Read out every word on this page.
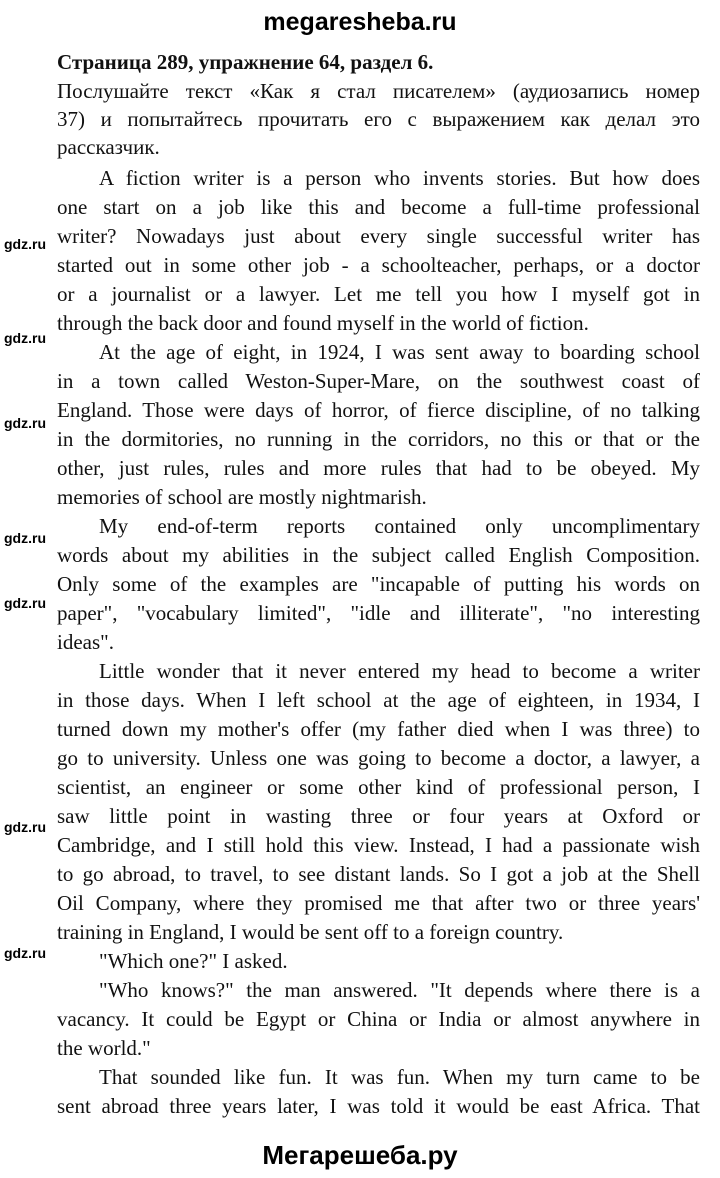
megaresheba.ru
Страница 289, упражнение 64, раздел 6.
Послушайте текст «Как я стал писателем» (аудиозапись номер
37) и попытайтесь прочитать его с выражением как делал это
рассказчик.
A fiction writer is a person who invents stories. But how does
one start on a job like this and become a full-time professional
writer? Nowadays just about every single successful writer has
started out in some other job - a schoolteacher, perhaps, or a doctor
or a journalist or a lawyer. Let me tell you how I myself got in
through the back door and found myself in the world of fiction.
At the age of eight, in 1924, I was sent away to boarding school
in a town called Weston-Super-Mare, on the southwest coast of
England. Those were days of horror, of fierce discipline, of no talking
in the dormitories, no running in the corridors, no this or that or the
other, just rules, rules and more rules that had to be obeyed. My
memories of school are mostly nightmarish.
My end-of-term reports contained only uncomplimentary
words about my abilities in the subject called English Composition.
Only some of the examples are "incapable of putting his words on
paper", "vocabulary limited", "idle and illiterate", "no interesting
ideas".
Little wonder that it never entered my head to become a writer
in those days. When I left school at the age of eighteen, in 1934, I
turned down my mother's offer (my father died when I was three) to
go to university. Unless one was going to become a doctor, a lawyer, a
scientist, an engineer or some other kind of professional person, I
saw little point in wasting three or four years at Oxford or
Cambridge, and I still hold this view. Instead, I had a passionate wish
to go abroad, to travel, to see distant lands. So I got a job at the Shell
Oil Company, where they promised me that after two or three years'
training in England, I would be sent off to a foreign country.
"Which one?" I asked.
"Who knows?" the man answered. "It depends where there is a
vacancy. It could be Egypt or China or India or almost anywhere in
the world."
That sounded like fun. It was fun. When my turn came to be
sent abroad three years later, I was told it would be east Africa. That
gdz.ru
gdz.ru
gdz.ru
gdz.ru
gdz.ru
gdz.ru
gdz.ru
Мегарешеба.ру
